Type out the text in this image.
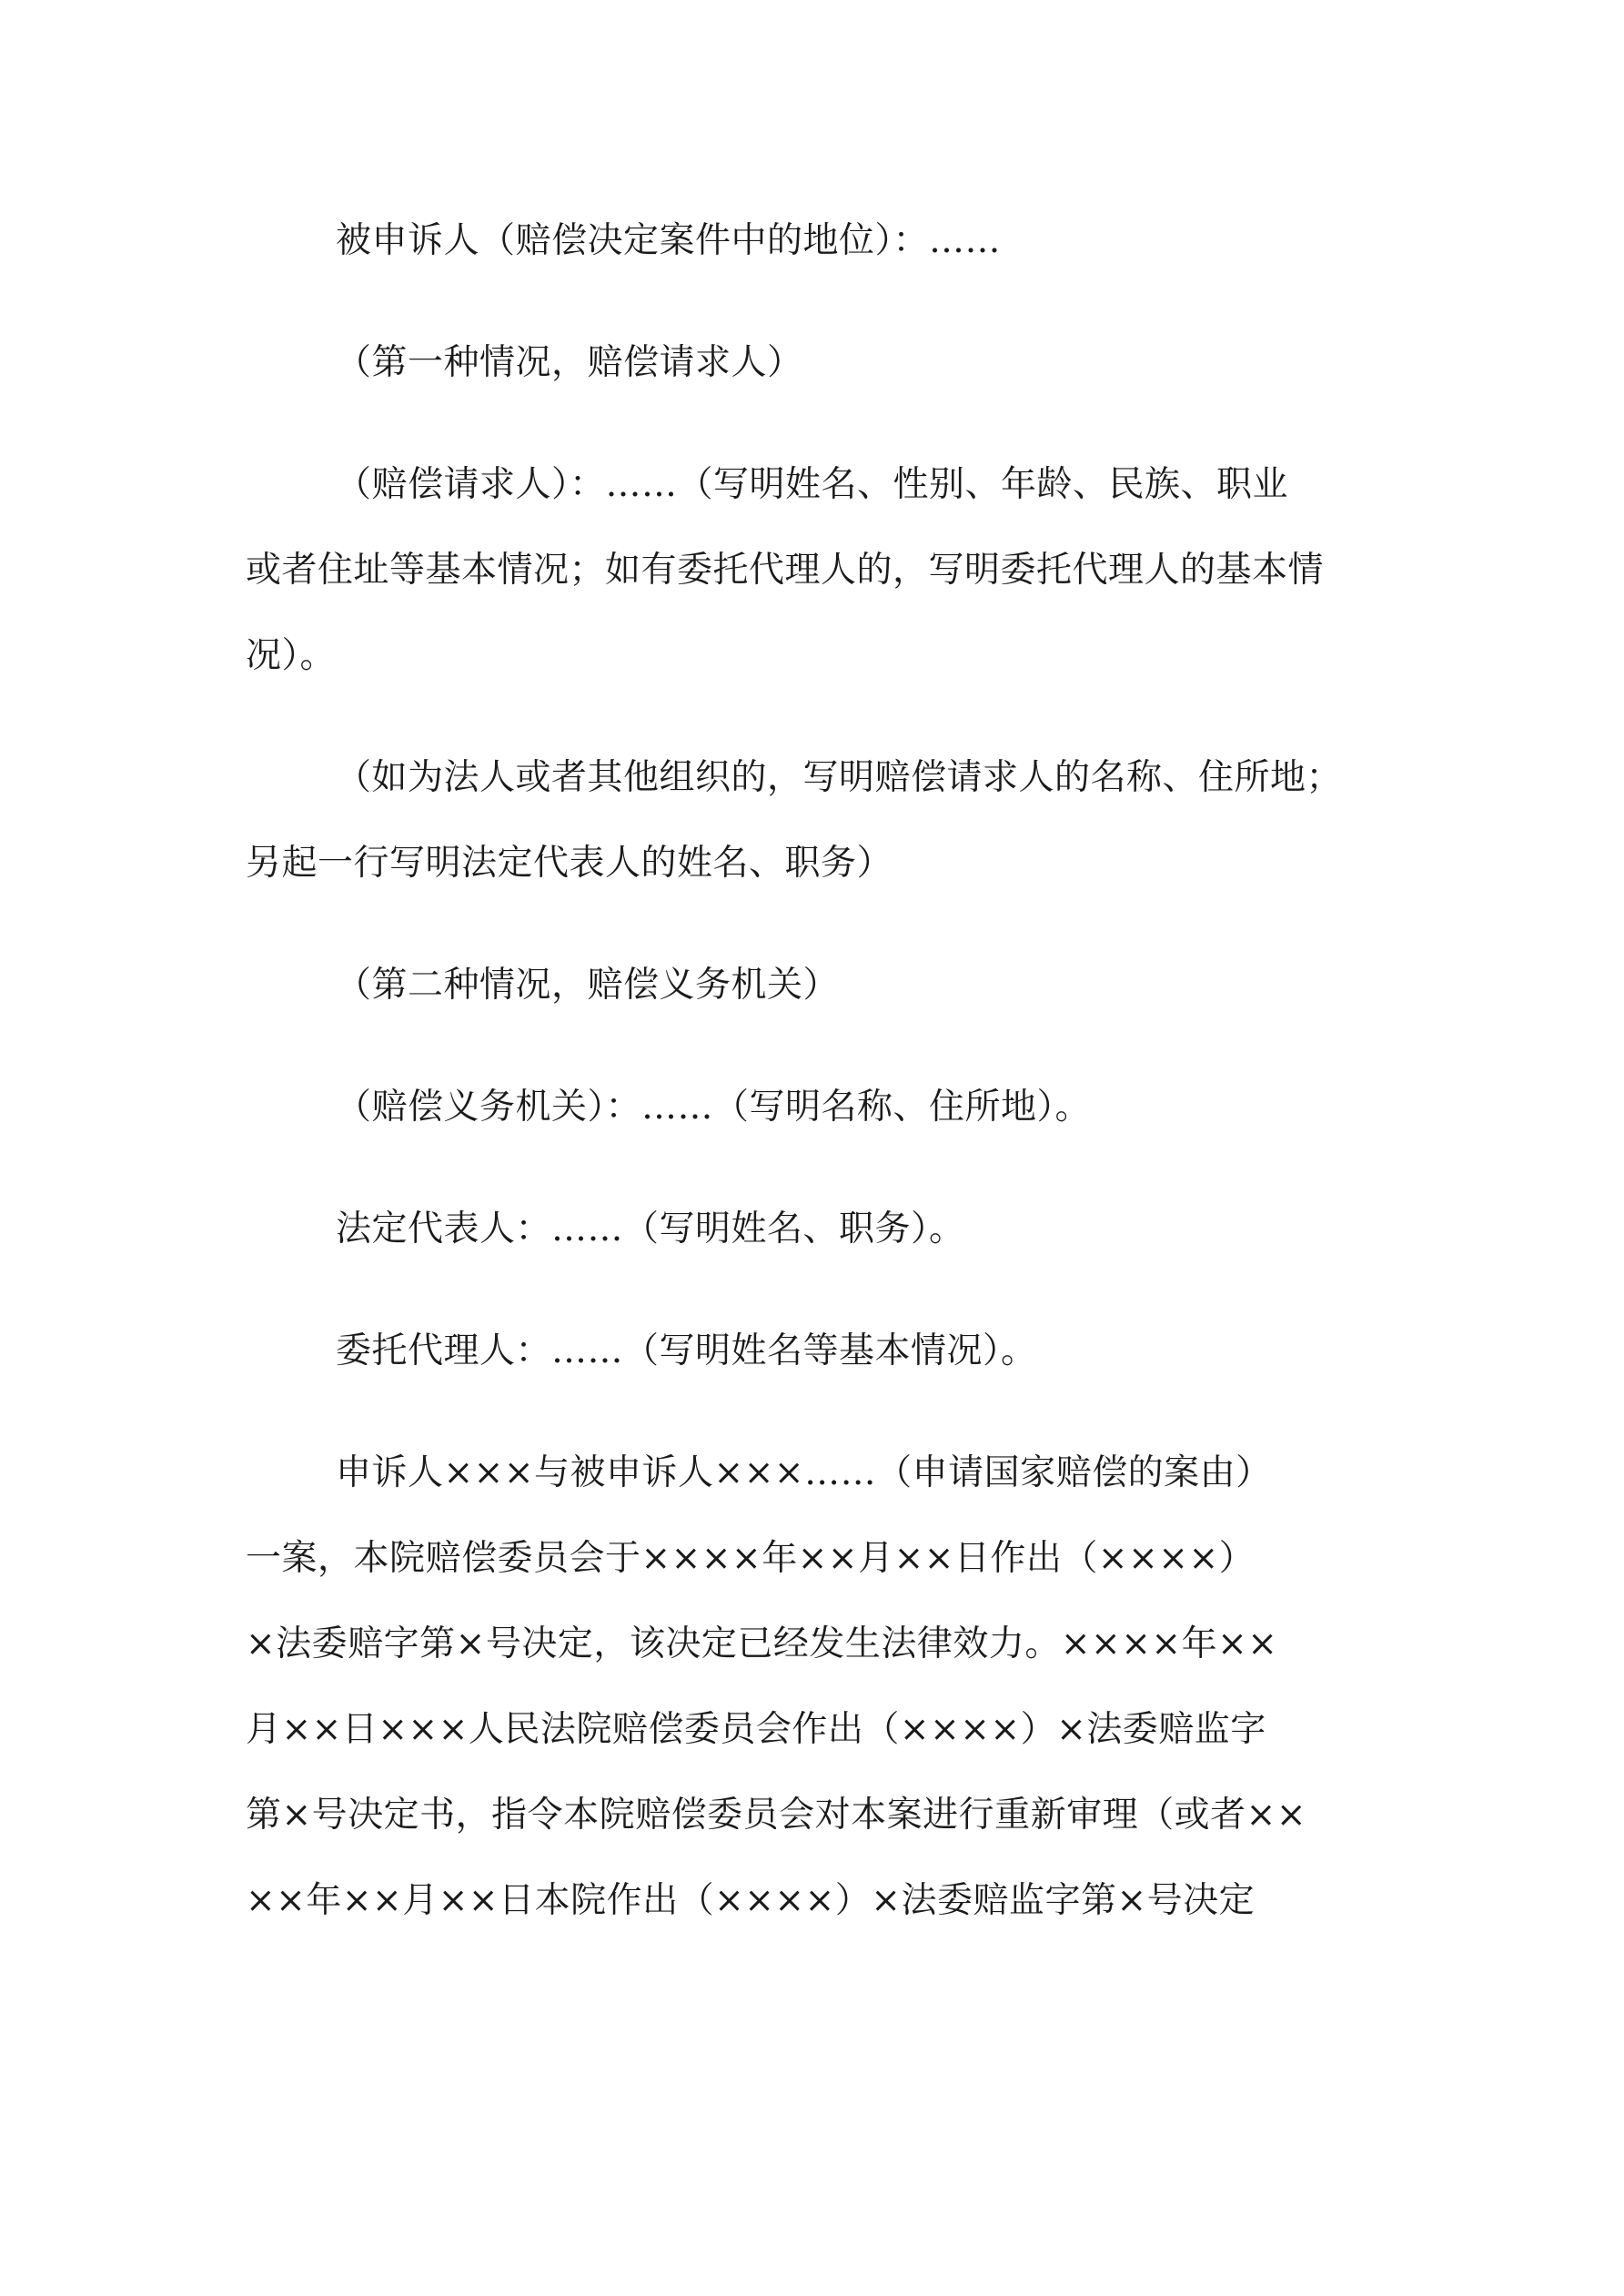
被申诉人（赔偿决定案件中的地位）：……
（第一种情况，赔偿请求人）
（赔偿请求人）：……（写明姓名、性别、年龄、民族、职业
或者住址等基本情况；如有委托代理人的，写明委托代理人的基本情
况）。
（如为法人或者其他组织的，写明赔偿请求人的名称、住所地；
另起一行写明法定代表人的姓名、职务）
（第二种情况，赔偿义务机关）
（赔偿义务机关）：……（写明名称、住所地）。
法定代表人：……（写明姓名、职务）。
委托代理人：……（写明姓名等基本情况）。
申诉人×××与被申诉人×××……（申请国家赔偿的案由）
一案，本院赔偿委员会于××××年××月××日作出（××××）
×法委赔字第×号决定，该决定已经发生法律效力。××××年××
月××日×××人民法院赔偿委员会作出（××××）×法委赔监字
第×号决定书，指令本院赔偿委员会对本案进行重新审理（或者××
××年××月××日本院作出（××××）×法委赔监字第×号决定
